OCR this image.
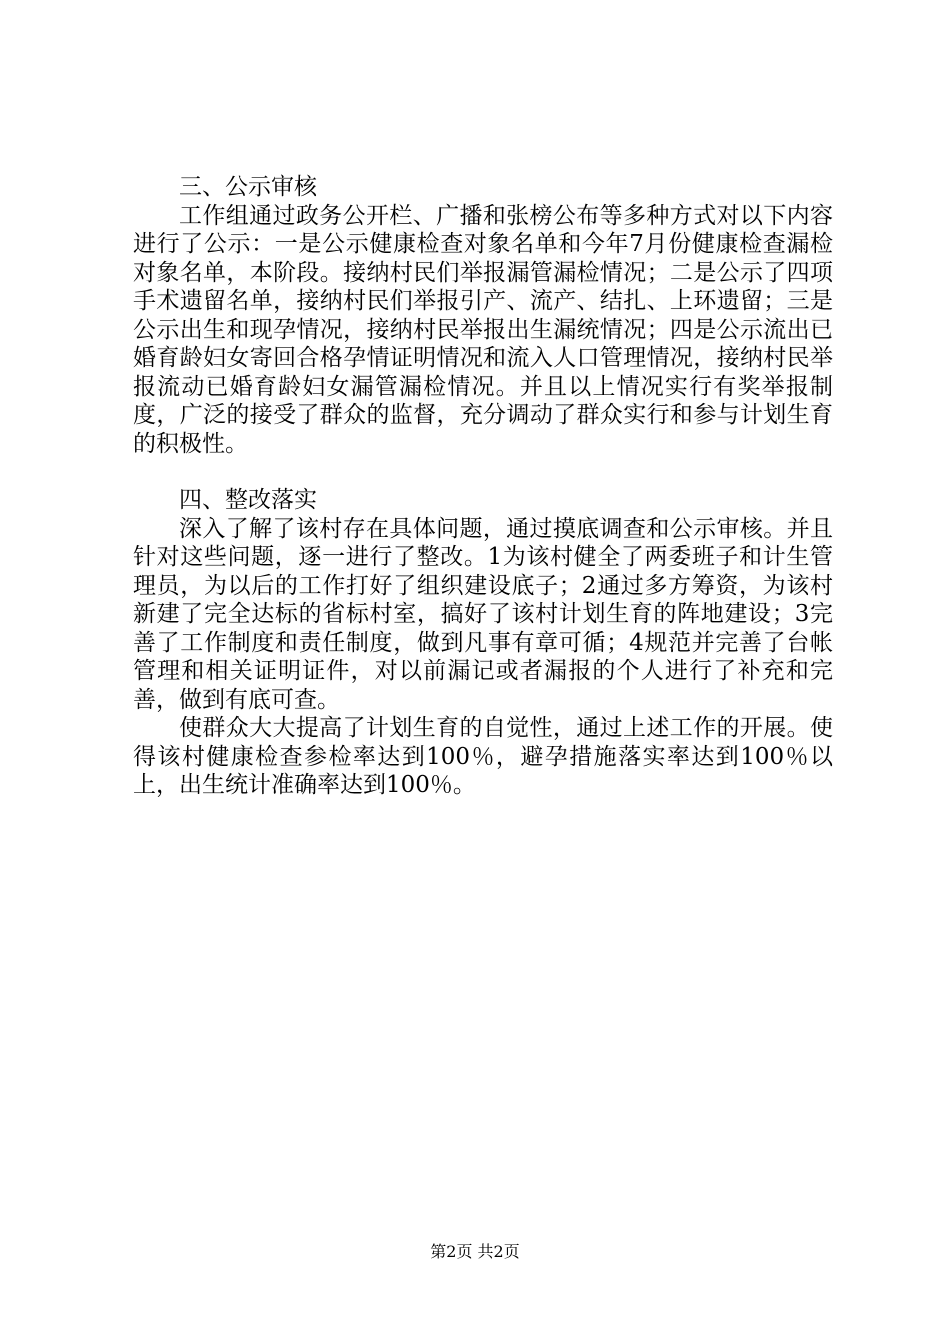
三、公示审核

工作组通过政务公开栏、广播和张榜公布等多种方式对以下内容进行了公示：一是公示健康检查对象名单和今年7月份健康检查漏检对象名单，本阶段。接纳村民们举报漏管漏检情况；二是公示了四项手术遗留名单，接纳村民们举报引产、流产、结扎、上环遗留；三是公示出生和现孕情况，接纳村民举报出生漏统情况；四是公示流出已婚育龄妇女寄回合格孕情证明情况和流入人口管理情况，接纳村民举报流动已婚育龄妇女漏管漏检情况。并且以上情况实行有奖举报制度，广泛的接受了群众的监督，充分调动了群众实行和参与计划生育的积极性。

四、整改落实

深入了解了该村存在具体问题，通过摸底调查和公示审核。并且针对这些问题，逐一进行了整改。1为该村健全了两委班子和计生管理员，为以后的工作打好了组织建设底子；2通过多方筹资，为该村新建了完全达标的省标村室，搞好了该村计划生育的阵地建设；3完善了工作制度和责任制度，做到凡事有章可循；4规范并完善了台帐管理和相关证明证件，对以前漏记或者漏报的个人进行了补充和完善，做到有底可查。

使群众大大提高了计划生育的自觉性，通过上述工作的开展。使得该村健康检查参检率达到100％，避孕措施落实率达到100％以上，出生统计准确率达到100％。

第2页 共2页
